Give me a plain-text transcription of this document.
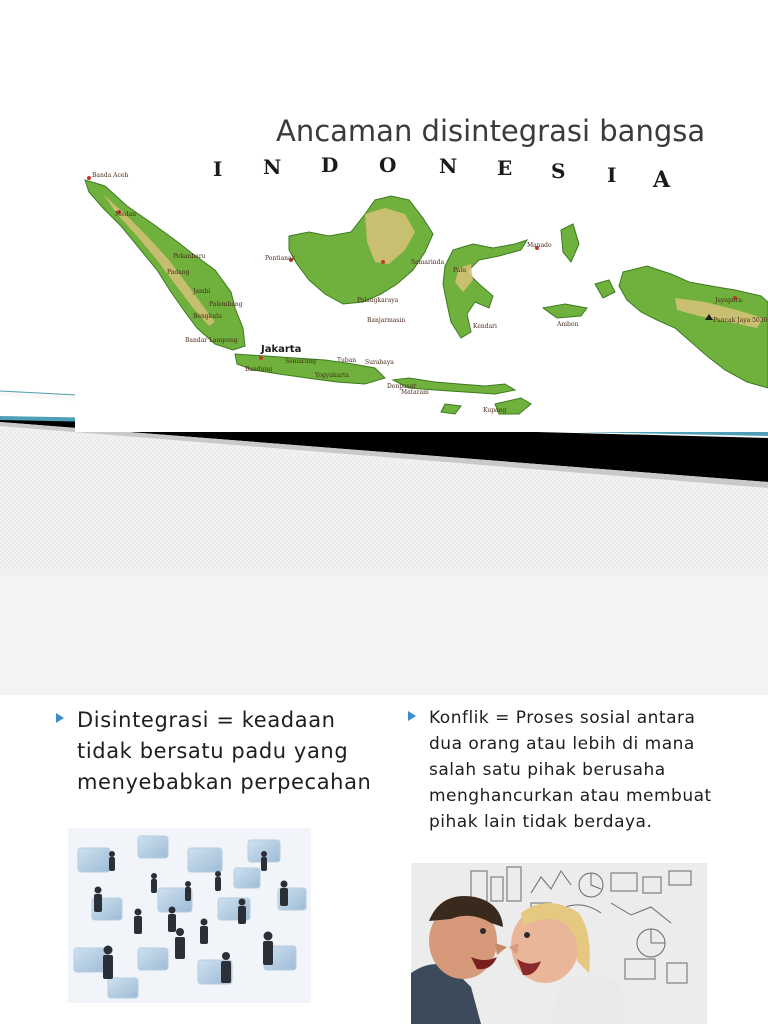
Ancaman disintegrasi bangsa
I N D O N E S I A
Banda Aceh
Medan
Pekanbaru
Padang
Jambi
Palembang
Bengkulu
Bandar Lampung
Jakarta
Bandung
Semarang
Yogyakarta
Tuban Surabaya
Pontianak
Samarinda
Palangkaraya
Banjarmasin
Palu
Manado
Kendari	Ambon
Denpasar
Mataram
Kupang
Jayapura
Puncak Jaya 5030
Disintegrasi = keadaan tidak bersatu padu yang menyebabkan perpecahan
Konflik = Proses sosial antara dua orang atau lebih di mana salah satu pihak berusaha menghancurkan atau membuat pihak lain tidak berdaya.
